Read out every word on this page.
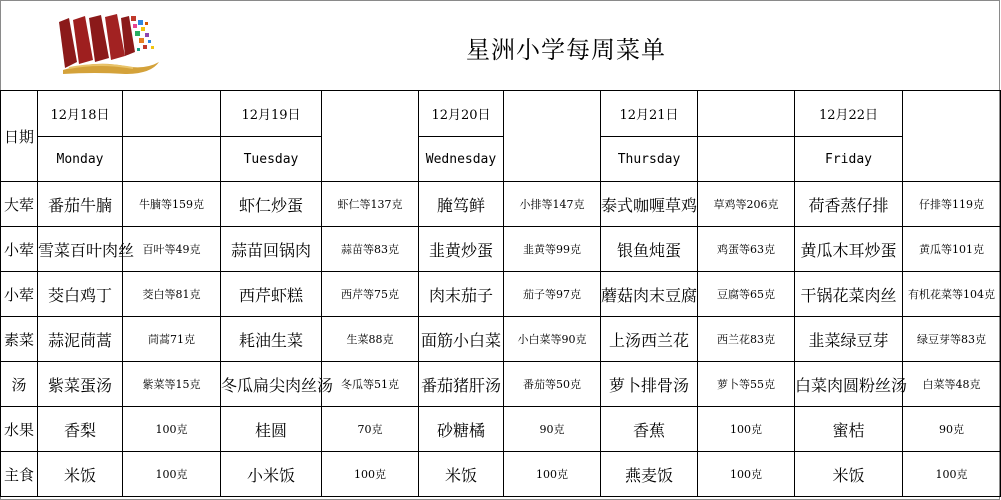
星洲小学每周菜单
日期	12月18日		12月19日		12月20日		12月21日		12月22日	
	Monday		Tuesday		Wednesday		Thursday		Friday	
大荤	番茄牛腩	牛腩等159克	虾仁炒蛋	虾仁等137克	腌笃鲜	小排等147克	泰式咖喱草鸡	草鸡等206克	荷香蒸仔排	仔排等119克
小荤	雪菜百叶肉丝	百叶等49克	蒜苗回锅肉	蒜苗等83克	韭黄炒蛋	韭黄等99克	银鱼炖蛋	鸡蛋等63克	黄瓜木耳炒蛋	黄瓜等101克
小荤	茭白鸡丁	茭白等81克	西芹虾糕	西芹等75克	肉末茄子	茄子等97克	蘑菇肉末豆腐	豆腐等65克	干锅花菜肉丝	有机花菜等104克
素菜	蒜泥茼蒿	茼蒿71克	耗油生菜	生菜88克	面筋小白菜	小白菜等90克	上汤西兰花	西兰花83克	韭菜绿豆芽	绿豆芽等83克
汤	紫菜蛋汤	紫菜等15克	冬瓜扁尖肉丝汤	冬瓜等51克	番茄猪肝汤	番茄等50克	萝卜排骨汤	萝卜等55克	白菜肉圆粉丝汤	白菜等48克
水果	香梨	100克	桂圆	70克	砂糖橘	90克	香蕉	100克	蜜桔	90克
主食	米饭	100克	小米饭	100克	米饭	100克	燕麦饭	100克	米饭	100克
